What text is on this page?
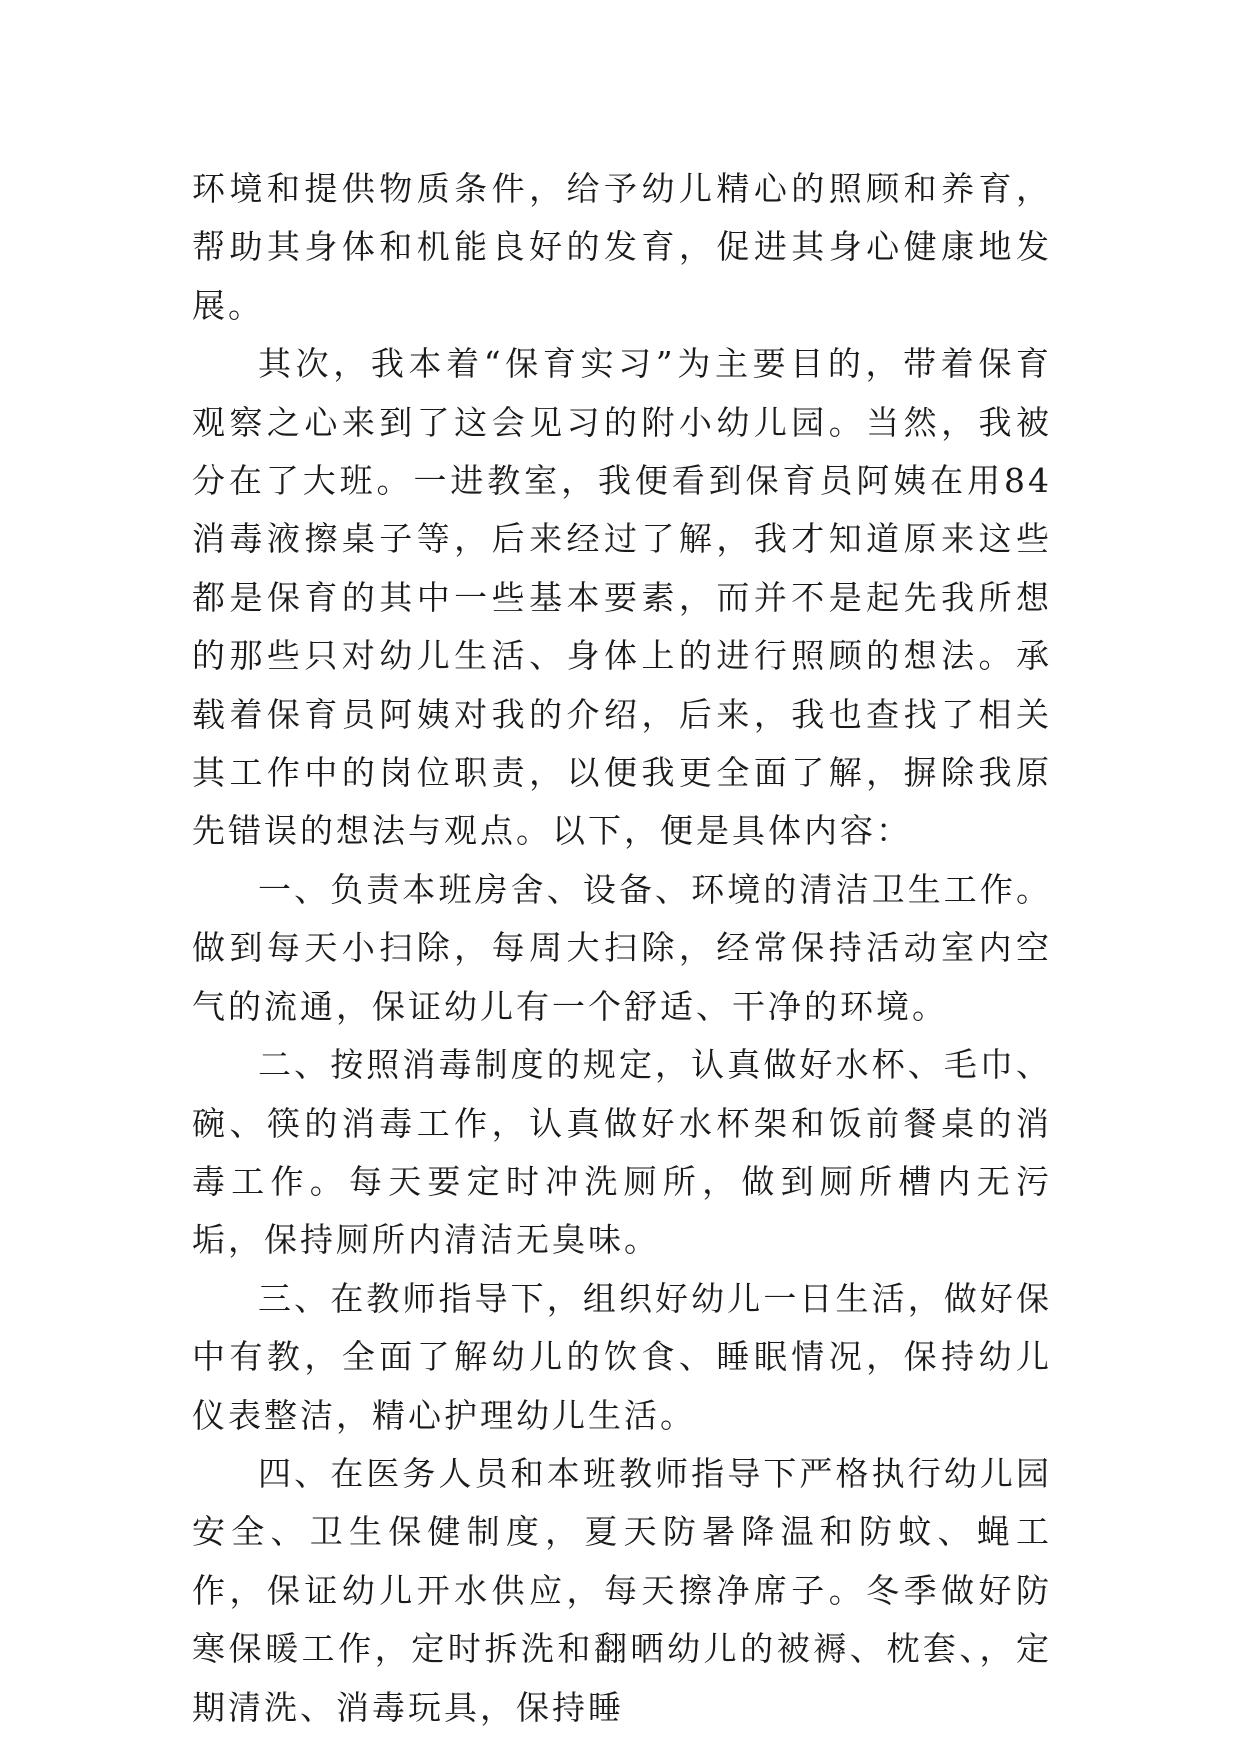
环境和提供物质条件，给予幼儿精心的照顾和养育，帮助其身体和机能良好的发育，促进其身心健康地发展。

其次，我本着“保育实习”为主要目的，带着保育观察之心来到了这会见习的附小幼儿园。当然，我被分在了大班。一进教室，我便看到保育员阿姨在用84消毒液擦桌子等，后来经过了解，我才知道原来这些都是保育的其中一些基本要素，而并不是起先我所想的那些只对幼儿生活、身体上的进行照顾的想法。承载着保育员阿姨对我的介绍，后来，我也查找了相关其工作中的岗位职责，以便我更全面了解，摒除我原先错误的想法与观点。以下，便是具体内容：

一、负责本班房舍、设备、环境的清洁卫生工作。做到每天小扫除，每周大扫除，经常保持活动室内空气的流通，保证幼儿有一个舒适、干净的环境。

二、按照消毒制度的规定，认真做好水杯、毛巾、碗、筷的消毒工作，认真做好水杯架和饭前餐桌的消毒工作。每天要定时冲洗厕所，做到厕所槽内无污垢，保持厕所内清洁无臭味。

三、在教师指导下，组织好幼儿一日生活，做好保中有教，全面了解幼儿的饮食、睡眠情况，保持幼儿仪表整洁，精心护理幼儿生活。

四、在医务人员和本班教师指导下严格执行幼儿园安全、卫生保健制度，夏天防暑降温和防蚊、蝇工作，保证幼儿开水供应，每天擦净席子。冬季做好防寒保暖工作，定时拆洗和翻晒幼儿的被褥、枕套、，定期清洗、消毒玩具，保持睡
